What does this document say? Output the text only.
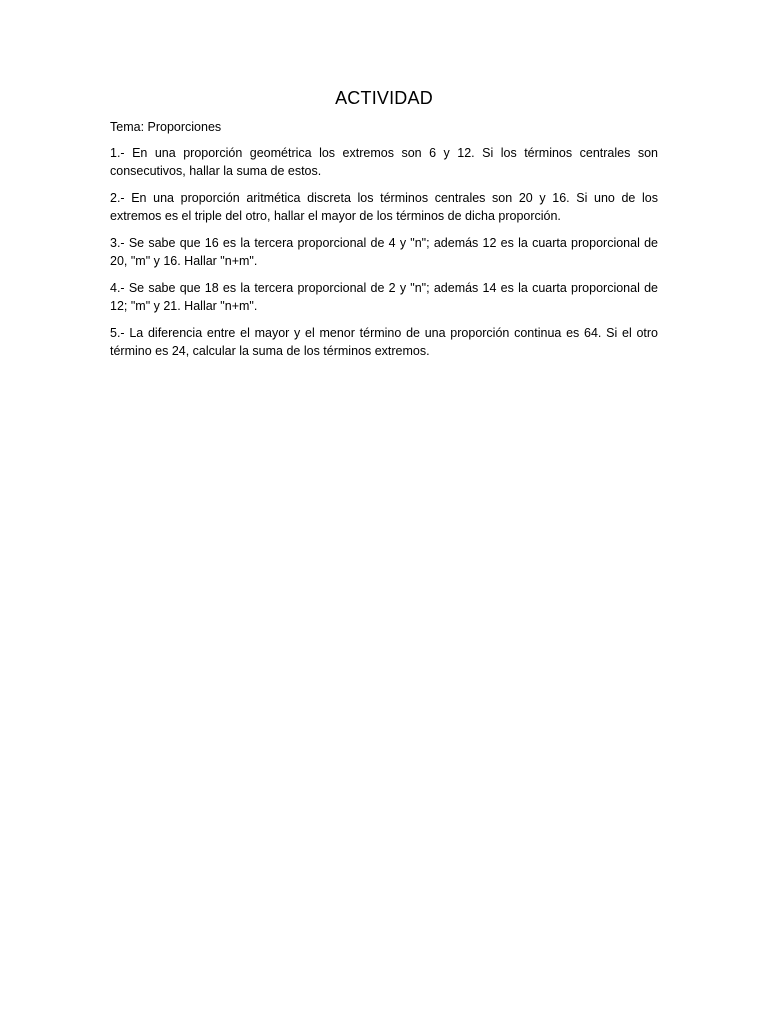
ACTIVIDAD
Tema: Proporciones

1.- En una proporción geométrica los extremos son 6 y 12. Si los términos centrales son consecutivos, hallar la suma de estos.

2.- En una proporción aritmética discreta los términos centrales son 20 y 16. Si uno de los extremos es el triple del otro, hallar el mayor de los términos de dicha proporción.

3.- Se sabe que 16 es la tercera proporcional de 4 y "n"; además 12 es la cuarta proporcional de 20, "m" y 16. Hallar "n+m".

4.- Se sabe que 18 es la tercera proporcional de 2 y "n"; además 14 es la cuarta proporcional de 12; "m" y 21. Hallar "n+m".

5.- La diferencia entre el mayor y el menor término de una proporción continua es 64. Si el otro término es 24, calcular la suma de los términos extremos.
